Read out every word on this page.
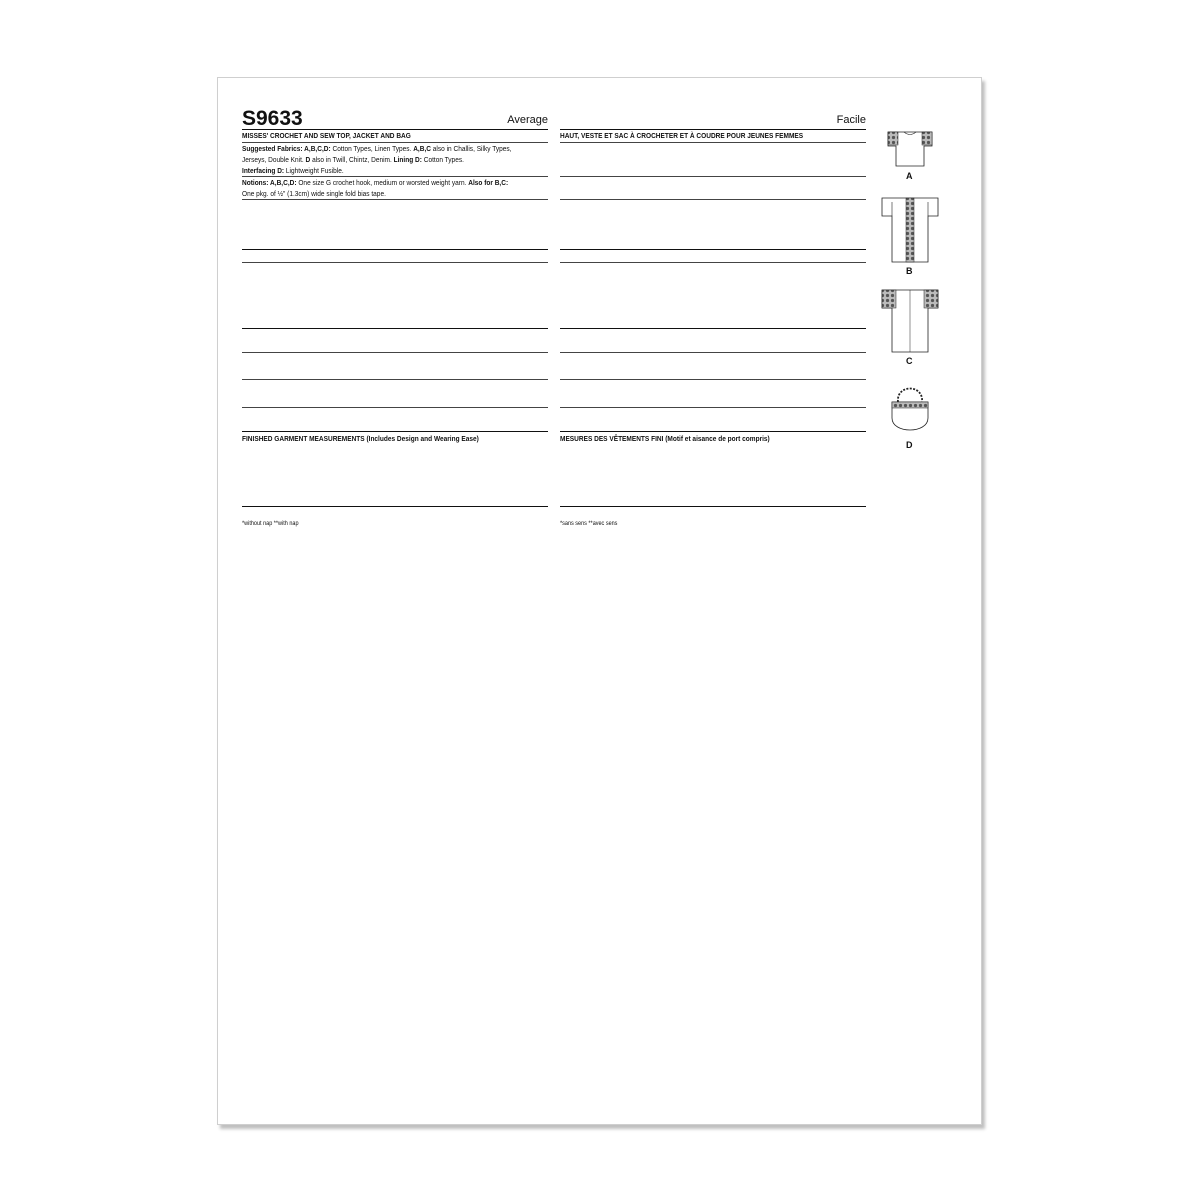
S9633	Average
MISSES' CROCHET AND SEW TOP, JACKET AND BAG
Suggested Fabrics: A,B,C,D: Cotton Types, Linen Types. A,B,C also in Challis, Silky Types,
Jerseys, Double Knit. D also in Twill, Chintz, Denim. Lining D: Cotton Types.
Interfacing D: Lightweight Fusible.
Notions: A,B,C,D: One size G crochet hook, medium or worsted weight yarn. Also for B,C:
One pkg. of ½" (1.3cm) wide single fold bias tape.
FINISHED GARMENT MEASUREMENTS (Includes Design and Wearing Ease)
*without nap **with nap
Facile
HAUT, VESTE ET SAC À CROCHETER ET À COUDRE POUR JEUNES FEMMES
MESURES DES VÊTEMENTS FINI (Motif et aisance de port compris)
*sans sens **avec sens
A
B
C
D
